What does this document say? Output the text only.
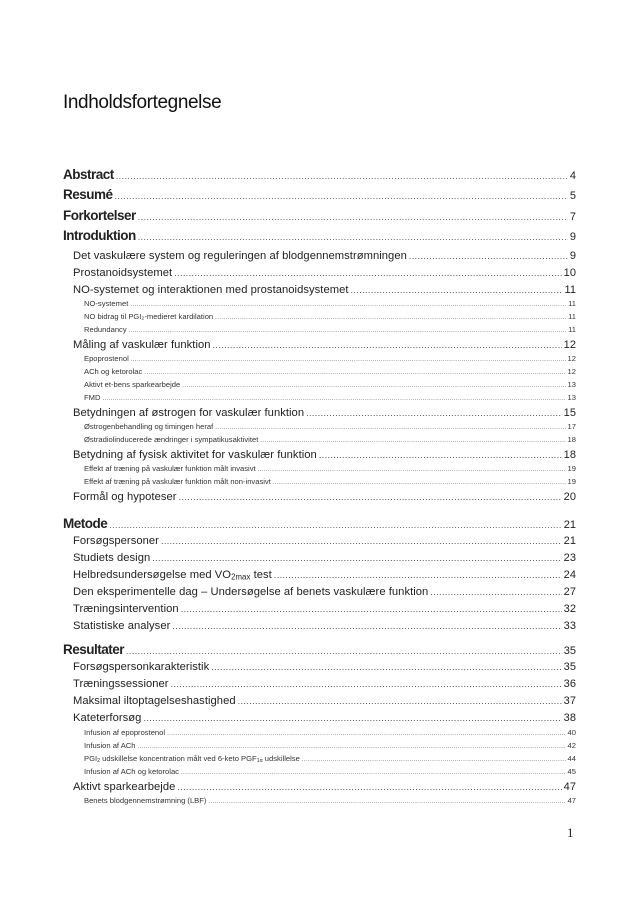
Indholdsfortegnelse
Abstract .....	4
Resumé .....	5
Forkortelser .....	7
Introduktion .....	9
Det vaskulære system og reguleringen af blodgennemstrømningen .....	9
Prostanoidsystemet .....	10
NO-systemet og interaktionen med prostanoidsystemet .....	11
NO-systemet .....	11
NO bidrag til PGI₂-medieret kardilation .....	11
Redundancy .....	11
Måling af vaskulær funktion .....	12
Epoprostenol .....	12
ACh og ketorolac .....	12
Aktivt et-bens sparkearbejde .....	13
FMD .....	13
Betydningen af østrogen for vaskulær funktion .....	15
Østrogenbehandling og timingen heraf .....	17
Østradiolinducerede ændringer i sympatikusaktivitet .....	18
Betydning af fysisk aktivitet for vaskulær funktion .....	18
Effekt af træning på vaskulær funktion målt invasivt .....	19
Effekt af træning på vaskulær funktion målt non-invasivt .....	19
Formål og hypoteser .....	20
Metode .....	21
Forsøgspersoner .....	21
Studiets design .....	23
Helbredsundersøgelse med $VO_{2max}$ test .....	24
Den eksperimentelle dag – Undersøgelse af benets vaskulære funktion .....	27
Træningsintervention .....	32
Statistiske analyser .....	33
Resultater .....	35
Forsøgspersonkarakteristik .....	35
Træningssessioner .....	36
Maksimal iltoptagelseshastighed .....	37
Kateterforsøg .....	38
Infusion af epoprostenol .....	40
Infusion af ACh .....	42
$PGI_2$ udskillelse koncentration målt ved 6-keto $PGF_{1\alpha}$ udskillelse .....	44
Infusion af ACh og ketorolac .....	45
Aktivt sparkearbejde .....	47
Benets blodgennemstrømning (LBF) .....	47
1
